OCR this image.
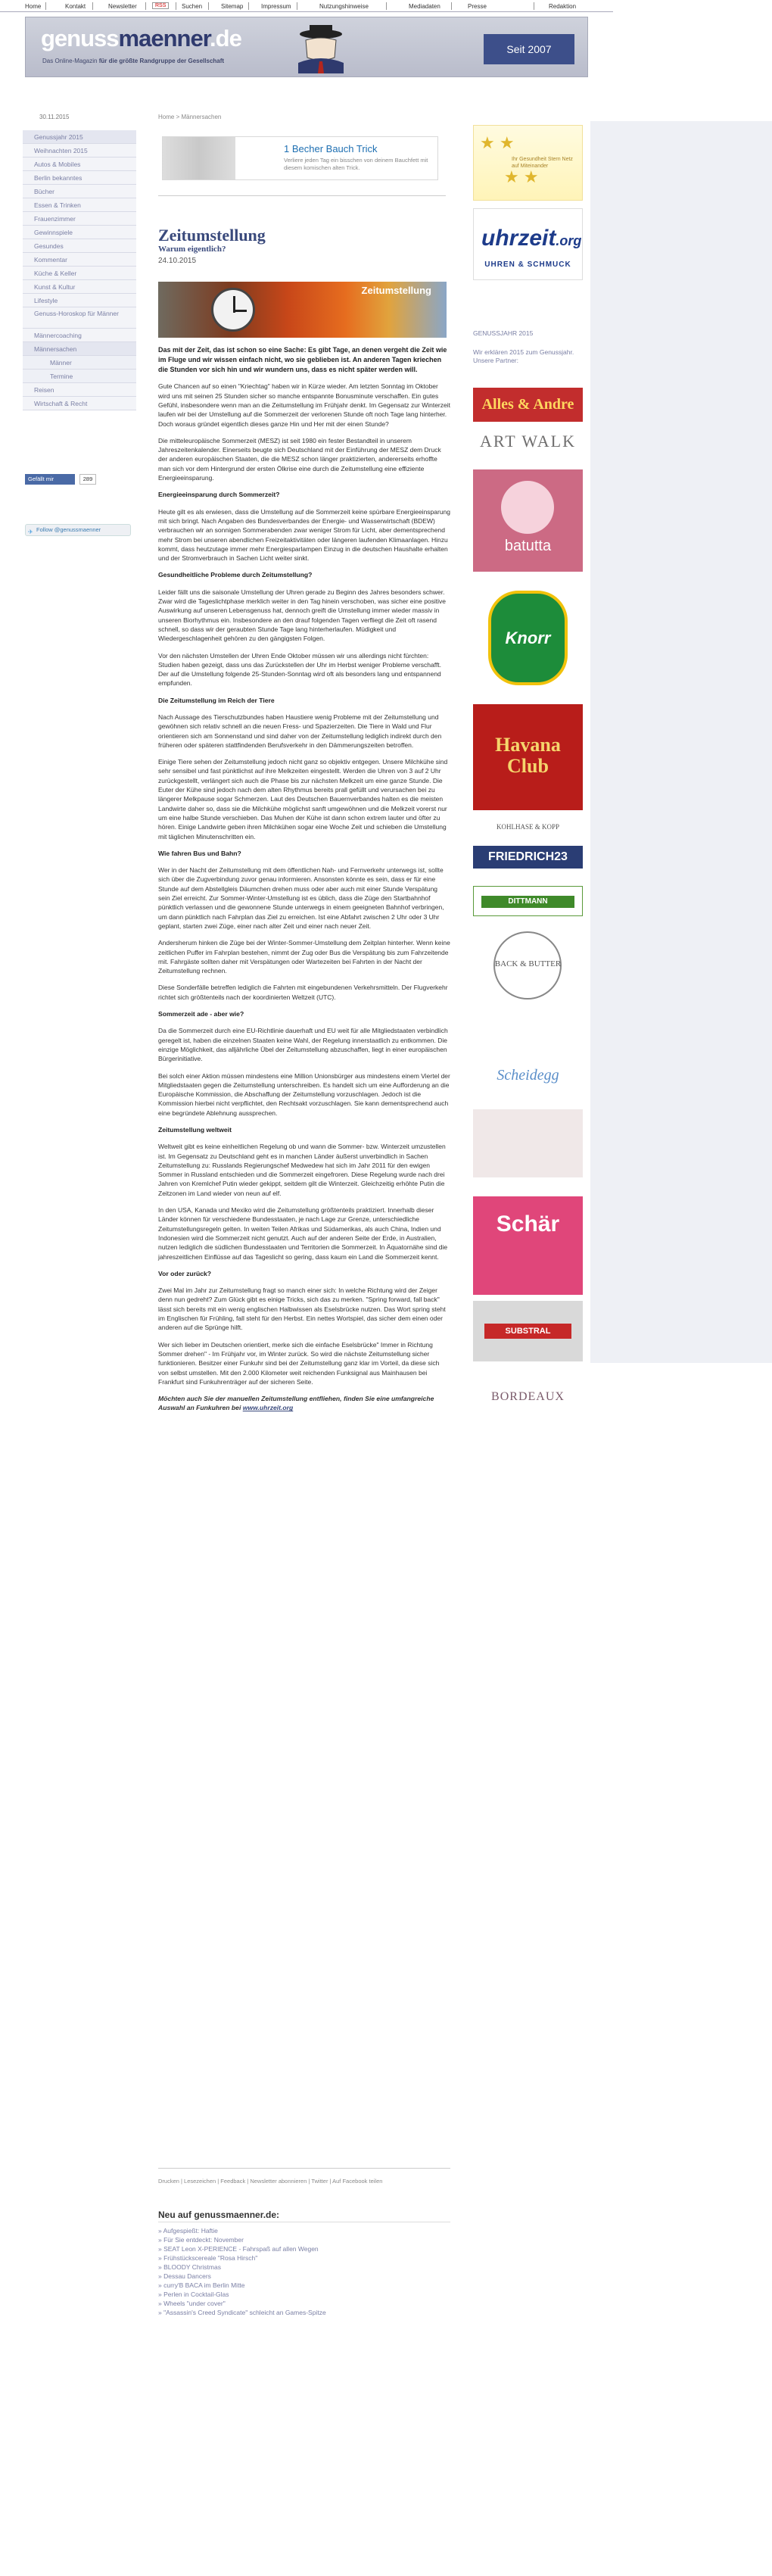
Home	Kontakt	Newsletter	RSS	Suchen	Sitemap	Impressum	Nutzungshinweise	Mediadaten	Presse	Redaktion
genussmaenner.de
Das Online-Magazin für die größte Randgruppe der Gesellschaft
Seit 2007
30.11.2015
Genussjahr 2015
Weihnachten 2015
Autos & Mobiles
Berlin bekanntes
Bücher
Essen & Trinken
Frauenzimmer
Gewinnspiele
Gesundes
Kommentar
Küche & Keller
Kunst & Kultur
Lifestyle
Genuss-Horoskop für Männer
Männercoaching
Männersachen
Männer
Termine
Reisen
Wirtschaft & Recht
Gefällt mir	289
✈ Follow @genussmaenner
Home > Männersachen
1 Becher Bauch Trick
Verliere jeden Tag ein bisschen von deinem Bauchfett mit diesem komischen alten Trick.
Zeitumstellung
Warum eigentlich?
24.10.2015
Zeitumstellung

Das mit der Zeit, das ist schon so eine Sache: Es gibt Tage, an denen vergeht die Zeit wie im Fluge und wir wissen einfach nicht, wo sie geblieben ist. An anderen Tagen kriechen die Stunden vor sich hin und wir wundern uns, dass es nicht später werden will.

Gute Chancen auf so einen "Kriechtag" haben wir in Kürze wieder. Am letzten Sonntag im Oktober wird uns mit seinen 25 Stunden sicher so manche entspannte Bonusminute verschaffen. Ein gutes Gefühl, insbesondere wenn man an die Zeitumstellung im Frühjahr denkt. Im Gegensatz zur Winterzeit laufen wir bei der Umstellung auf die Sommerzeit der verlorenen Stunde oft noch Tage lang hinterher. Doch woraus gründet eigentlich dieses ganze Hin und Her mit der einen Stunde?

Die mitteleuropäische Sommerzeit (MESZ) ist seit 1980 ein fester Bestandteil in unserem Jahreszeitenkalender. Einerseits beugte sich Deutschland mit der Einführung der MESZ dem Druck der anderen europäischen Staaten, die die MESZ schon länger praktizierten, andererseits erhoffte man sich vor dem Hintergrund der ersten Ölkrise eine durch die Zeitumstellung eine effiziente Energieeinsparung.

Energieeinsparung durch Sommerzeit?

Heute gilt es als erwiesen, dass die Umstellung auf die Sommerzeit keine spürbare Energieeinsparung mit sich bringt. Nach Angaben des Bundesverbandes der Energie- und Wasserwirtschaft (BDEW) verbrauchen wir an sonnigen Sommerabenden zwar weniger Strom für Licht, aber dementsprechend mehr Strom bei unseren abendlichen Freizeitaktivitäten oder längeren laufenden Klimaanlagen. Hinzu kommt, dass heutzutage immer mehr Energiesparlampen Einzug in die deutschen Haushalte erhalten und der Stromverbrauch in Sachen Licht weiter sinkt.

Gesundheitliche Probleme durch Zeitumstellung?

Leider fällt uns die saisonale Umstellung der Uhren gerade zu Beginn des Jahres besonders schwer. Zwar wird die Tageslichtphase merklich weiter in den Tag hinein verschoben, was sicher eine positive Auswirkung auf unseren Lebensgenuss hat, dennoch greift die Umstellung immer wieder massiv in unseren Biorhythmus ein. Insbesondere an den drauf folgenden Tagen verfliegt die Zeit oft rasend schnell, so dass wir der geraubten Stunde Tage lang hinterherlaufen. Müdigkeit und Wiedergeschlagenheit gehören zu den gängigsten Folgen.

Vor den nächsten Umstellen der Uhren Ende Oktober müssen wir uns allerdings nicht fürchten: Studien haben gezeigt, dass uns das Zurückstellen der Uhr im Herbst weniger Probleme verschafft. Der auf die Umstellung folgende 25-Stunden-Sonntag wird oft als besonders lang und entspannend empfunden.

Die Zeitumstellung im Reich der Tiere

Nach Aussage des Tierschutzbundes haben Haustiere wenig Probleme mit der Zeitumstellung und gewöhnen sich relativ schnell an die neuen Fress- und Spazierzeiten. Die Tiere in Wald und Flur orientieren sich am Sonnenstand und sind daher von der Zeitumstellung lediglich indirekt durch den früheren oder späteren stattfindenden Berufsverkehr in den Dämmerungszeiten betroffen.

Einige Tiere sehen der Zeitumstellung jedoch nicht ganz so objektiv entgegen. Unsere Milchkühe sind sehr sensibel und fast pünktlichst auf ihre Melkzeiten eingestellt. Werden die Uhren von 3 auf 2 Uhr zurückgestellt, verlängert sich auch die Phase bis zur nächsten Melkzeit um eine ganze Stunde. Die Euter der Kühe sind jedoch nach dem alten Rhythmus bereits prall gefüllt und verursachen bei zu längerer Melkpause sogar Schmerzen. Laut des Deutschen Bauernverbandes halten es die meisten Landwirte daher so, dass sie die Milchkühe möglichst sanft umgewöhnen und die Melkzeit vorerst nur um eine halbe Stunde verschieben. Das Muhen der Kühe ist dann schon extrem lauter und öfter zu hören. Einige Landwirte geben ihren Milchkühen sogar eine Woche Zeit und schieben die Umstellung mit täglichen Minutenschritten ein.

Wie fahren Bus und Bahn?

Wer in der Nacht der Zeitumstellung mit dem öffentlichen Nah- und Fernverkehr unterwegs ist, sollte sich über die Zugverbindung zuvor genau informieren. Ansonsten könnte es sein, dass er für eine Stunde auf dem Abstellgleis Däumchen drehen muss oder aber auch mit einer Stunde Verspätung sein Ziel erreicht. Zur Sommer-Winter-Umstellung ist es üblich, dass die Züge den Startbahnhof pünktlich verlassen und die gewonnene Stunde unterwegs in einem geeigneten Bahnhof verbringen, um dann pünktlich nach Fahrplan das Ziel zu erreichen. Ist eine Abfahrt zwischen 2 Uhr oder 3 Uhr geplant, starten zwei Züge, einer nach alter Zeit und einer nach neuer Zeit.

Andersherum hinken die Züge bei der Winter-Sommer-Umstellung dem Zeitplan hinterher. Wenn keine zeitlichen Puffer im Fahrplan bestehen, nimmt der Zug oder Bus die Verspätung bis zum Fahrzeitende mit. Fahrgäste sollten daher mit Verspätungen oder Wartezeiten bei Fahrten in der Nacht der Zeitumstellung rechnen.

Diese Sonderfälle betreffen lediglich die Fahrten mit eingebundenen Verkehrsmitteln. Der Flugverkehr richtet sich größtenteils nach der koordinierten Weltzeit (UTC).

Sommerzeit ade - aber wie?

Da die Sommerzeit durch eine EU-Richtlinie dauerhaft und EU weit für alle Mitgliedstaaten verbindlich geregelt ist, haben die einzelnen Staaten keine Wahl, der Regelung innerstaatlich zu entkommen. Die einzige Möglichkeit, das alljährliche Übel der Zeitumstellung abzuschaffen, liegt in einer europäischen Bürgerinitiative.

Bei solch einer Aktion müssen mindestens eine Million Unionsbürger aus mindestens einem Viertel der Mitgliedstaaten gegen die Zeitumstellung unterschreiben. Es handelt sich um eine Aufforderung an die Europäische Kommission, die Abschaffung der Zeitumstellung vorzuschlagen. Jedoch ist die Kommission hierbei nicht verpflichtet, den Rechtsakt vorzuschlagen. Sie kann dementsprechend auch eine begründete Ablehnung aussprechen.

Zeitumstellung weltweit

Weltweit gibt es keine einheitlichen Regelung ob und wann die Sommer- bzw. Winterzeit umzustellen ist. Im Gegensatz zu Deutschland geht es in manchen Länder äußerst unverbindlich in Sachen Zeitumstellung zu: Russlands Regierungschef Medwedew hat sich im Jahr 2011 für den ewigen Sommer in Russland entschieden und die Sommerzeit eingefroren. Diese Regelung wurde nach drei Jahren von Kremlchef Putin wieder gekippt, seitdem gilt die Winterzeit. Gleichzeitig erhöhte Putin die Zeitzonen im Land wieder von neun auf elf.

In den USA, Kanada und Mexiko wird die Zeitumstellung größtenteils praktiziert. Innerhalb dieser Länder können für verschiedene Bundesstaaten, je nach Lage zur Grenze, unterschiedliche Zeitumstellungsregeln gelten. In weiten Teilen Afrikas und Südamerikas, als auch China, Indien und Indonesien wird die Sommerzeit nicht genutzt. Auch auf der anderen Seite der Erde, in Australien, nutzen lediglich die südlichen Bundesstaaten und Territorien die Sommerzeit. In Äquatornähe sind die jahreszeitlichen Einflüsse auf das Tageslicht so gering, dass kaum ein Land die Sommerzeit kennt.

Vor oder zurück?

Zwei Mal im Jahr zur Zeitumstellung fragt so manch einer sich: In welche Richtung wird der Zeiger denn nun gedreht? Zum Glück gibt es einige Tricks, sich das zu merken. "Spring forward, fall back" lässt sich bereits mit ein wenig englischen Halbwissen als Eselsbrücke nutzen. Das Wort spring steht im Englischen für Frühling, fall steht für den Herbst. Ein nettes Wortspiel, das sicher dem einen oder anderen auf die Sprünge hilft.

Wer sich lieber im Deutschen orientiert, merke sich die einfache Eselsbrücke" Immer in Richtung Sommer drehen" - Im Frühjahr vor, im Winter zurück. So wird die nächste Zeitumstellung sicher funktionieren. Besitzer einer Funkuhr sind bei der Zeitumstellung ganz klar im Vorteil, da diese sich von selbst umstellen. Mit den 2.000 Kilometer weit reichenden Funksignal aus Mainhausen bei Frankfurt sind Funkuhrenträger auf der sicheren Seite.

Möchten auch Sie der manuellen Zeitumstellung entfliehen, finden Sie eine umfangreiche Auswahl an Funkuhren bei www.uhrzeit.org

Drucken | Lesezeichen | Feedback | Newsletter abonnieren | Twitter | Auf Facebook teilen
Neu auf genussmaenner.de:
» Aufgespießt: Haftie
» Für Sie entdeckt: November
» SEAT Leon X-PERIENCE - Fahrspaß auf allen Wegen
» Frühstückscereale "Rosa Hirsch"
» BLOODY Christmas
» Dessau Dancers
» curry'B BACA im Berlin Mitte
» Perlen in Cocktail-Glas
» Wheels "under cover"
» "Assassin's Creed Syndicate" schleicht an Games-Spitze
★ ★
★ ★
Ihr Gesundheit Stern Netz auf Miteinander
uhrzeit.org
UHREN & SCHMUCK
GENUSSJAHR 2015
Wir erklären 2015 zum Genussjahr. Unsere Partner:
Alles & Andre
ART WALK
batutta
Knorr
Havana Club
KOHLHASE & KOPP
FRIEDRICH23
DITTMANN
BACK & BUTTER
Scheidegg
Schär
SUBSTRAL
BORDEAUX
